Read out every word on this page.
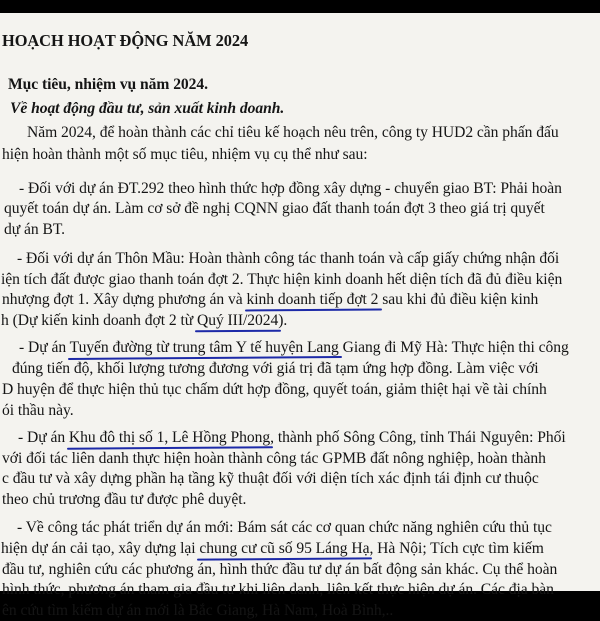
HOẠCH HOẠT ĐỘNG NĂM 2024
Mục tiêu, nhiệm vụ năm 2024.
Về hoạt động đầu tư, sản xuất kinh doanh.
Năm 2024, để hoàn thành các chỉ tiêu kế hoạch nêu trên, công ty HUD2 cần phấn đấu
hiện hoàn thành một số mục tiêu, nhiệm vụ cụ thể như sau:
- Đối với dự án ĐT.292 theo hình thức hợp đồng xây dựng - chuyển giao BT: Phải hoàn
quyết toán dự án. Làm cơ sở đề nghị CQNN giao đất thanh toán đợt 3 theo giá trị quyết
dự án BT.
- Đối với dự án Thôn Mầu: Hoàn thành công tác thanh toán và cấp giấy chứng nhận đối
iện tích đất được giao thanh toán đợt 2. Thực hiện kinh doanh hết diện tích đã đủ điều kiện
nhượng đợt 1. Xây dựng phương án và kinh doanh tiếp đợt 2 sau khi đủ điều kiện kinh
h (Dự kiến kinh doanh đợt 2 từ Quý III/2024).
- Dự án Tuyến đường từ trung tâm Y tế huyện Lang Giang đi Mỹ Hà: Thực hiện thi công
đúng tiến độ, khối lượng tương đương với giá trị đã tạm ứng hợp đồng. Làm việc với
D huyện để thực hiện thủ tục chấm dứt hợp đồng, quyết toán, giảm thiệt hại về tài chính
ói thầu này.
- Dự án Khu đô thị số 1, Lê Hồng Phong, thành phố Sông Công, tỉnh Thái Nguyên: Phối
với đối tác liên danh thực hiện hoàn thành công tác GPMB đất nông nghiệp, hoàn thành
c đầu tư và xây dựng phần hạ tầng kỹ thuật đối với diện tích xác định tái định cư thuộc
theo chủ trương đầu tư được phê duyệt.
- Về công tác phát triển dự án mới: Bám sát các cơ quan chức năng nghiên cứu thủ tục
hiện dự án cải tạo, xây dựng lại chung cư cũ số 95 Láng Hạ, Hà Nội; Tích cực tìm kiếm
đầu tư, nghiên cứu các phương án, hình thức đầu tư dự án bất động sản khác. Cụ thể hoàn
hình thức, phương án tham gia đầu tư khi liên danh, liên kết thực hiện dự án. Các địa bàn
ên cứu tìm kiếm dự án mới là Bắc Giang, Hà Nam, Hoà Bình,..
